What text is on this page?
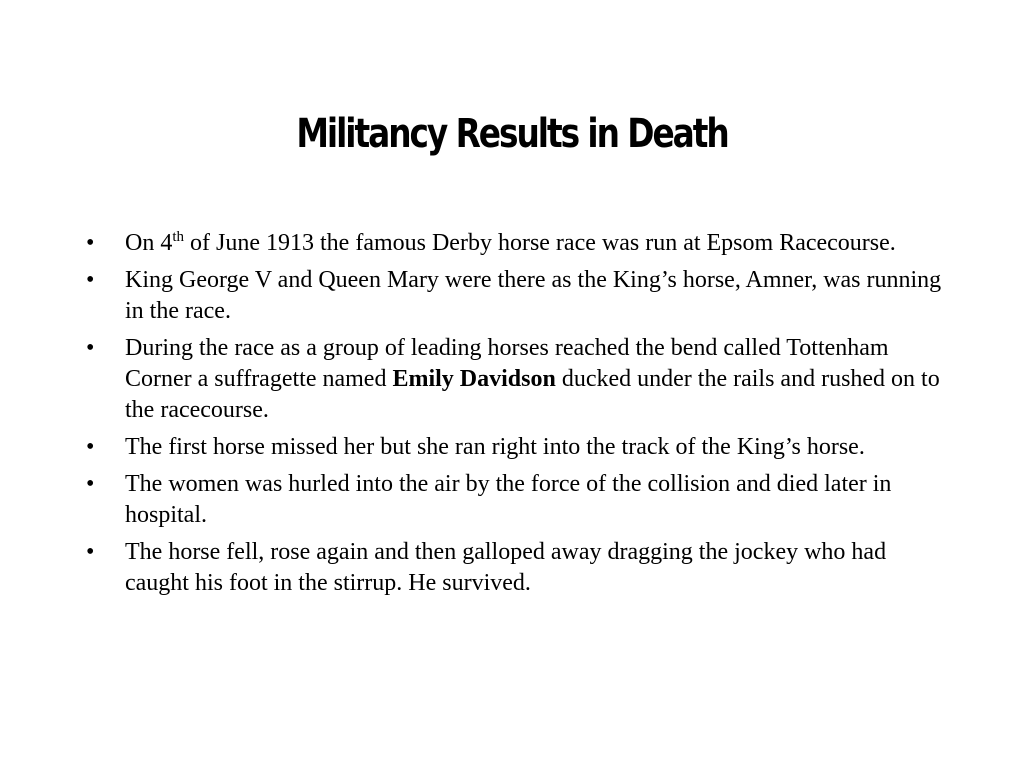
Militancy Results in Death
• On 4th of June 1913 the famous Derby horse race was run at Epsom Racecourse.
• King George V and Queen Mary were there as the King’s horse, Amner, was running in the race.
• During the race as a group of leading horses reached the bend called Tottenham Corner a suffragette named Emily Davidson ducked under the rails and rushed on to the racecourse.
• The first horse missed her but she ran right into the track of the King’s horse.
• The women was hurled into the air by the force of the collision and died later in hospital.
• The horse fell, rose again and then galloped away dragging the jockey who had caught his foot in the stirrup. He survived.
